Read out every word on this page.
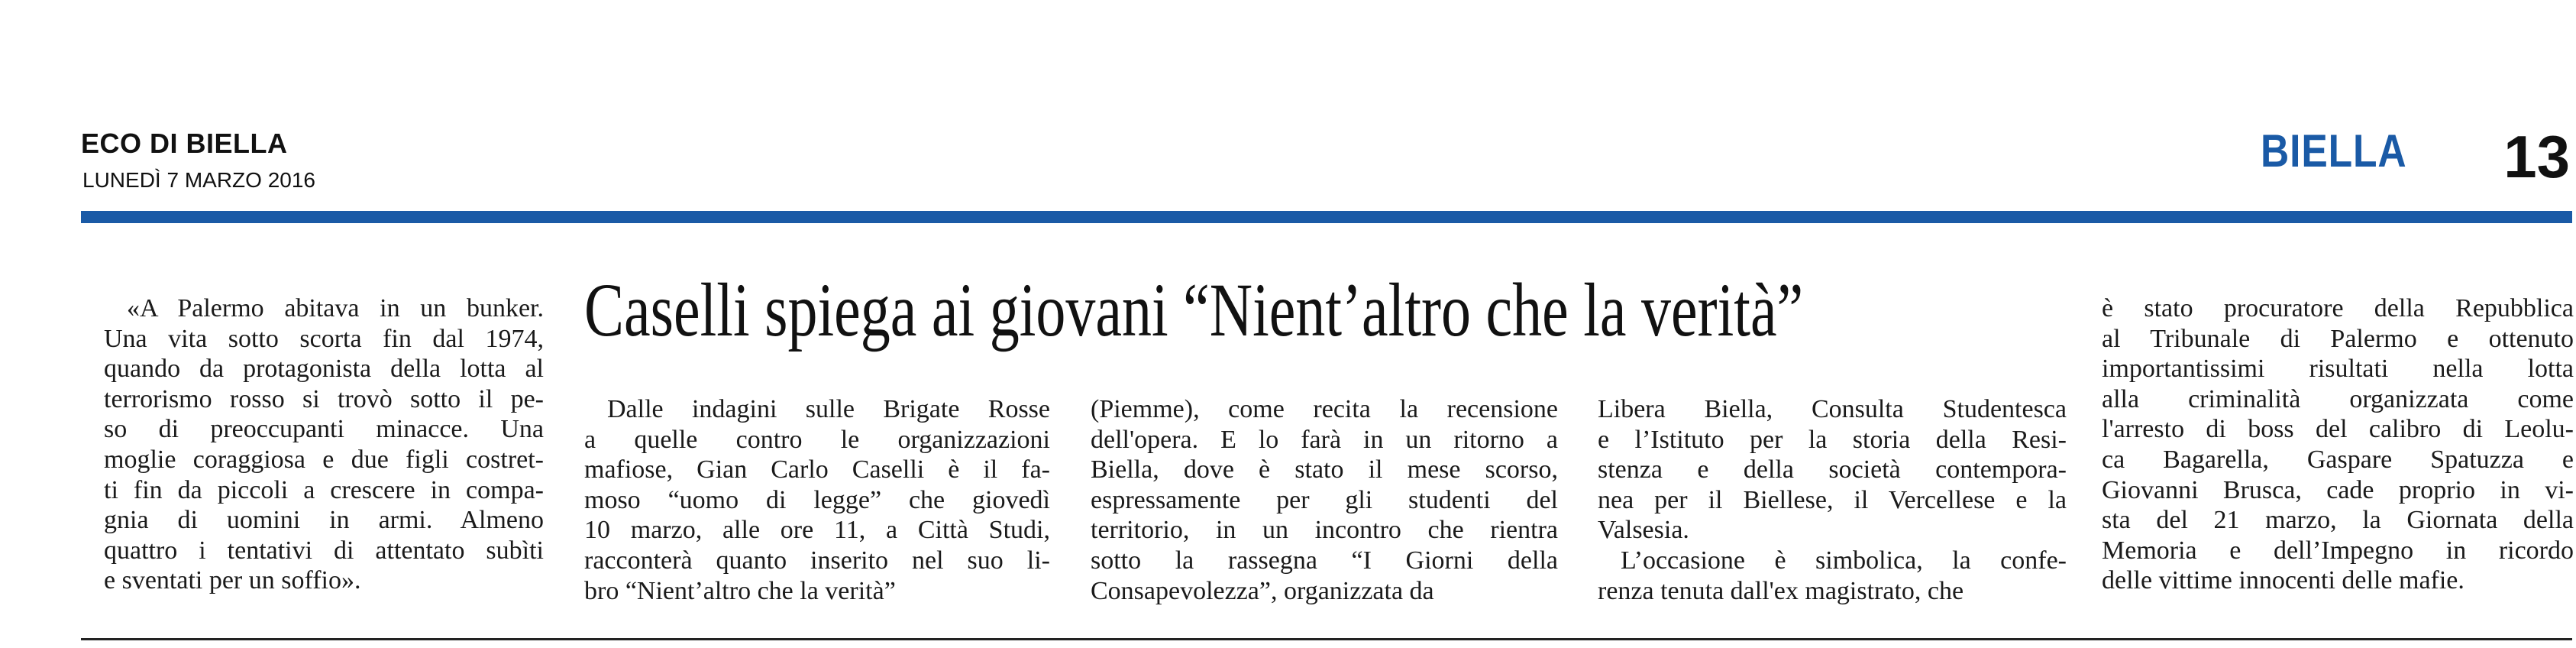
ECO DI BIELLA
LUNEDÌ 7 MARZO 2016
BIELLA 13
Caselli spiega ai giovani “Nient’altro che la verità”
«A Palermo abitava in un bunker.
Una vita sotto scorta fin dal 1974,
quando da protagonista della lotta al
terrorismo rosso si trovò sotto il pe-
so di preoccupanti minacce. Una
moglie coraggiosa e due figli costret-
ti fin da piccoli a crescere in compa-
gnia di uomini in armi. Almeno
quattro i tentativi di attentato subìti
e sventati per un soffio».
Dalle indagini sulle Brigate Rosse
a quelle contro le organizzazioni
mafiose, Gian Carlo Caselli è il fa-
moso “uomo di legge” che giovedì
10 marzo, alle ore 11, a Città Studi,
racconterà quanto inserito nel suo li-
bro “Nient’altro che la verità”
(Piemme), come recita la recensione
dell'opera. E lo farà in un ritorno a
Biella, dove è stato il mese scorso,
espressamente per gli studenti del
territorio, in un incontro che rientra
sotto la rassegna “I Giorni della
Consapevolezza”, organizzata da
Libera Biella, Consulta Studentesca
e l’Istituto per la storia della Resi-
stenza e della società contempora-
nea per il Biellese, il Vercellese e la
Valsesia.
L’occasione è simbolica, la confe-
renza tenuta dall'ex magistrato, che
è stato procuratore della Repubblica
al Tribunale di Palermo e ottenuto
importantissimi risultati nella lotta
alla criminalità organizzata come
l'arresto di boss del calibro di Leolu-
ca Bagarella, Gaspare Spatuzza e
Giovanni Brusca, cade proprio in vi-
sta del 21 marzo, la Giornata della
Memoria e dell’Impegno in ricordo
delle vittime innocenti delle mafie.
